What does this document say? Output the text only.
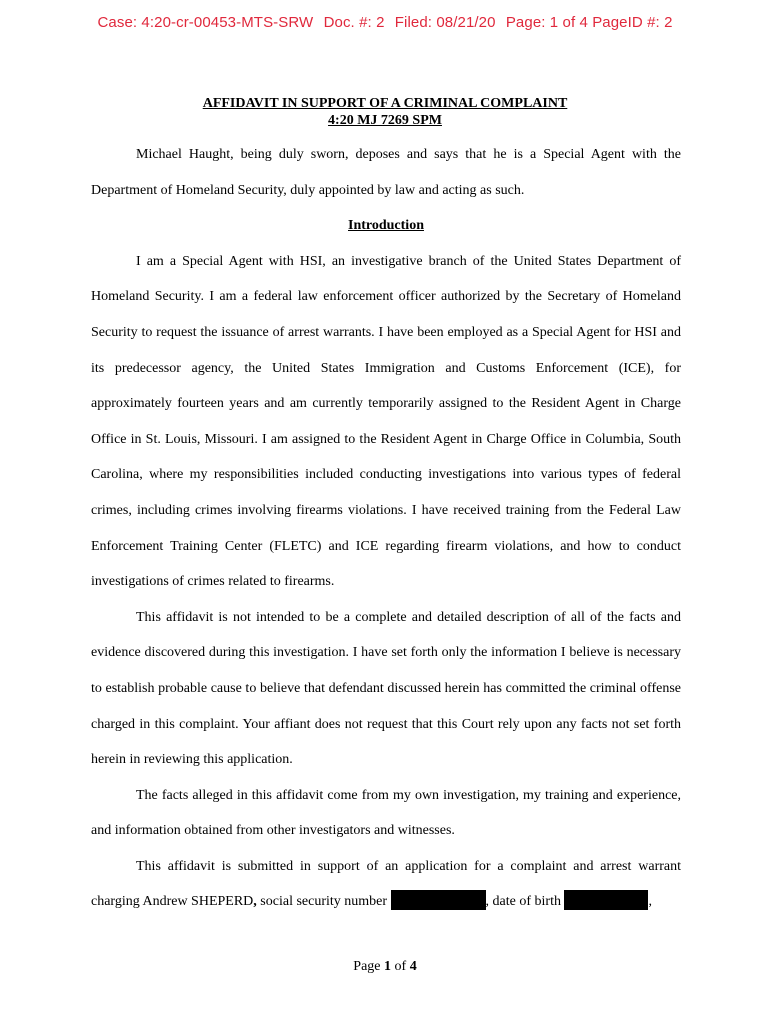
Case: 4:20-cr-00453-MTS-SRW Doc. #: 2 Filed: 08/21/20 Page: 1 of 4 PageID #: 2
AFFIDAVIT IN SUPPORT OF A CRIMINAL COMPLAINT
4:20 MJ 7269 SPM

Michael Haught, being duly sworn, deposes and says that he is a Special Agent with the Department of Homeland Security, duly appointed by law and acting as such.

Introduction

I am a Special Agent with HSI, an investigative branch of the United States Department of Homeland Security. I am a federal law enforcement officer authorized by the Secretary of Homeland Security to request the issuance of arrest warrants. I have been employed as a Special Agent for HSI and its predecessor agency, the United States Immigration and Customs Enforcement (ICE), for approximately fourteen years and am currently temporarily assigned to the Resident Agent in Charge Office in St. Louis, Missouri. I am assigned to the Resident Agent in Charge Office in Columbia, South Carolina, where my responsibilities included conducting investigations into various types of federal crimes, including crimes involving firearms violations. I have received training from the Federal Law Enforcement Training Center (FLETC) and ICE regarding firearm violations, and how to conduct investigations of crimes related to firearms.

This affidavit is not intended to be a complete and detailed description of all of the facts and evidence discovered during this investigation. I have set forth only the information I believe is necessary to establish probable cause to believe that defendant discussed herein has committed the criminal offense charged in this complaint. Your affiant does not request that this Court rely upon any facts not set forth herein in reviewing this application.

The facts alleged in this affidavit come from my own investigation, my training and experience, and information obtained from other investigators and witnesses.

This affidavit is submitted in support of an application for a complaint and arrest warrant charging Andrew SHEPERD, social security number	, date of birth	,

Page 1 of 4
